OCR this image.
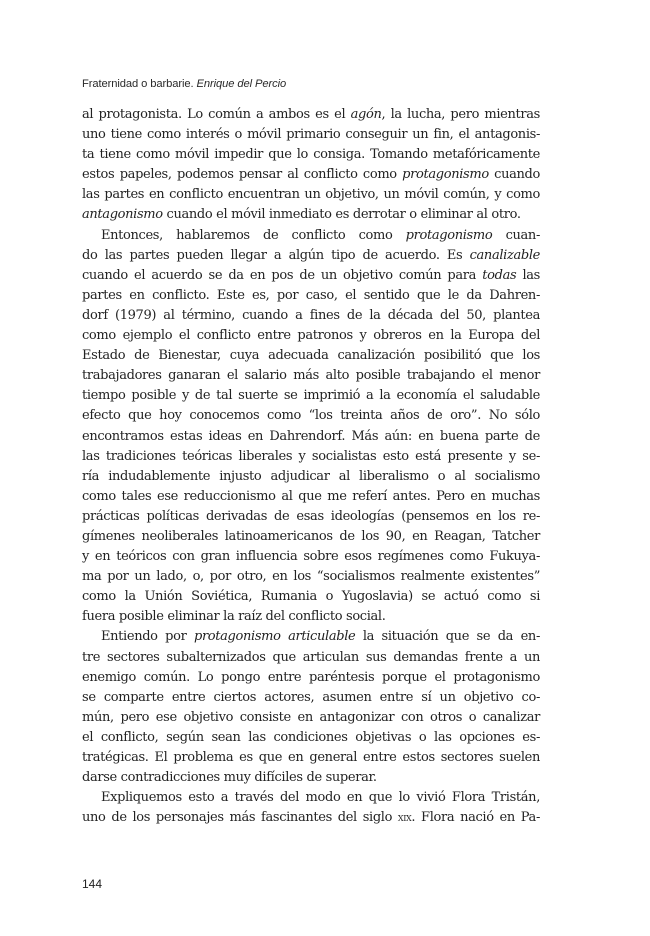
Fraternidad o barbarie. Enrique del Percio
al protagonista. Lo común a ambos es el agón, la lucha, pero mientras
uno tiene como interés o móvil primario conseguir un fin, el antagonis-
ta tiene como móvil impedir que lo consiga. Tomando metafóricamente
estos papeles, podemos pensar al conflicto como protagonismo cuando
las partes en conflicto encuentran un objetivo, un móvil común, y como
antagonismo cuando el móvil inmediato es derrotar o eliminar al otro.
Entonces, hablaremos de conflicto como protagonismo cuan-
do las partes pueden llegar a algún tipo de acuerdo. Es canalizable
cuando el acuerdo se da en pos de un objetivo común para todas las
partes en conflicto. Este es, por caso, el sentido que le da Dahren-
dorf (1979) al término, cuando a fines de la década del 50, plantea
como ejemplo el conflicto entre patronos y obreros en la Europa del
Estado de Bienestar, cuya adecuada canalización posibilitó que los
trabajadores ganaran el salario más alto posible trabajando el menor
tiempo posible y de tal suerte se imprimió a la economía el saludable
efecto que hoy conocemos como “los treinta años de oro”. No sólo
encontramos estas ideas en Dahrendorf. Más aún: en buena parte de
las tradiciones teóricas liberales y socialistas esto está presente y se-
ría indudablemente injusto adjudicar al liberalismo o al socialismo
como tales ese reduccionismo al que me referí antes. Pero en muchas
prácticas políticas derivadas de esas ideologías (pensemos en los re-
gímenes neoliberales latinoamericanos de los 90, en Reagan, Tatcher
y en teóricos con gran influencia sobre esos regímenes como Fukuya-
ma por un lado, o, por otro, en los “socialismos realmente existentes”
como la Unión Soviética, Rumania o Yugoslavia) se actuó como si
fuera posible eliminar la raíz del conflicto social.
Entiendo por protagonismo articulable la situación que se da en-
tre sectores subalternizados que articulan sus demandas frente a un
enemigo común. Lo pongo entre paréntesis porque el protagonismo
se comparte entre ciertos actores, asumen entre sí un objetivo co-
mún, pero ese objetivo consiste en antagonizar con otros o canalizar
el conflicto, según sean las condiciones objetivas o las opciones es-
tratégicas. El problema es que en general entre estos sectores suelen
darse contradicciones muy difíciles de superar.
Expliquemos esto a través del modo en que lo vivió Flora Tristán,
uno de los personajes más fascinantes del siglo xix. Flora nació en Pa-
144
